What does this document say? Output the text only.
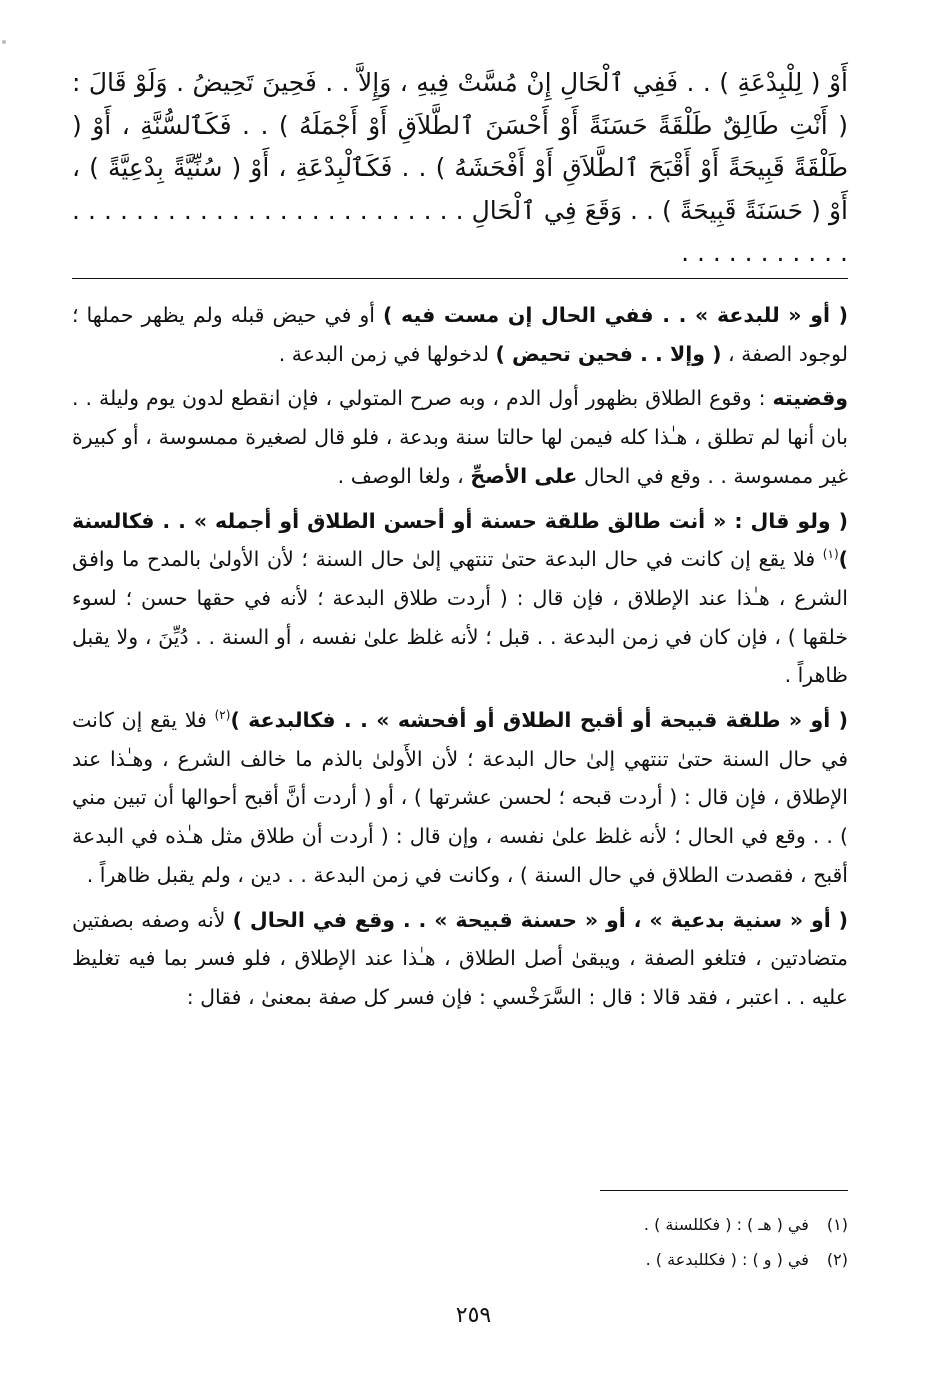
أَوْ ( لِلْبِدْعَةِ ) . . فَفِي ٱلْحَالِ إِنْ مُسَّتْ فِيهِ ، وَإِلاَّ . . فَحِينَ تَحِيضُ . وَلَوْ قَالَ : ( أَنْتِ طَالِقٌ طَلْقَةً حَسَنَةً أَوْ أَحْسَنَ ٱلطَّلاَقِ أَوْ أَجْمَلَهُ ) . . فَكَٱلسُّنَّةِ ، أَوْ ( طَلْقَةً قَبِيحَةً أَوْ أَقْبَحَ ٱلطَّلاَقِ أَوْ أَفْحَشَهُ ) . . فَكَٱلْبِدْعَةِ ، أَوْ ( سُنِّيَّةً بِدْعِيَّةً ) ، أَوْ ( حَسَنَةً قَبِيحَةً ) . . وَقَعَ فِي ٱلْحَالِ . . . . . . . . . . . . . . . . . . . . . . . . . . . . . . . . . . . .

( أو « للبدعة » . . ففي الحال إن مست فيه ) أو في حيض قبله ولم يظهر حملها ؛ لوجود الصفة ، ( وإلا . . فحين تحيض ) لدخولها في زمن البدعة .

وقضيته : وقوع الطلاق بظهور أول الدم ، وبه صرح المتولي ، فإن انقطع لدون يوم وليلة . . بان أنها لم تطلق ، هـٰذا كله فيمن لها حالتا سنة وبدعة ، فلو قال لصغيرة ممسوسة ، أو كبيرة غير ممسوسة . . وقع في الحال على الأصحِّ ، ولغا الوصف .

( ولو قال : « أنت طالق طلقة حسنة أو أحسن الطلاق أو أجمله » . . فكالسنة )$^{(١)}$ فلا يقع إن كانت في حال البدعة حتىٰ تنتهي إلىٰ حال السنة ؛ لأن الأولىٰ بالمدح ما وافق الشرع ، هـٰذا عند الإطلاق ، فإن قال : ( أردت طلاق البدعة ؛ لأنه في حقها حسن ؛ لسوء خلقها ) ، فإن كان في زمن البدعة . . قبل ؛ لأنه غلظ علىٰ نفسه ، أو السنة . . دُيِّنَ ، ولا يقبل ظاهراً .

( أو « طلقة قبيحة أو أقبح الطلاق أو أفحشه » . . فكالبدعة )$^{(٢)}$ فلا يقع إن كانت في حال السنة حتىٰ تنتهي إلىٰ حال البدعة ؛ لأن الأَولىٰ بالذم ما خالف الشرع ، وهـٰذا عند الإطلاق ، فإن قال : ( أردت قبحه ؛ لحسن عشرتها ) ، أو ( أردت أنَّ أقبح أحوالها أن تبين مني ) . . وقع في الحال ؛ لأنه غلظ علىٰ نفسه ، وإن قال : ( أردت أن طلاق مثل هـٰذه في البدعة أقبح ، فقصدت الطلاق في حال السنة ) ، وكانت في زمن البدعة . . دين ، ولم يقبل ظاهراً .

( أو « سنية بدعية » ، أو « حسنة قبيحة » . . وقع في الحال ) لأنه وصفه بصفتين متضادتين ، فتلغو الصفة ، ويبقىٰ أصل الطلاق ، هـٰذا عند الإطلاق ، فلو فسر بما فيه تغليظ عليه . . اعتبر ، فقد قالا : قال : السَّرَخْسي : فإن فسر كل صفة بمعنىٰ ، فقال :

(١)في ( هـ ) : ( فكللسنة ) .
(٢)في ( و ) : ( فكللبدعة ) .
٢٥٩
